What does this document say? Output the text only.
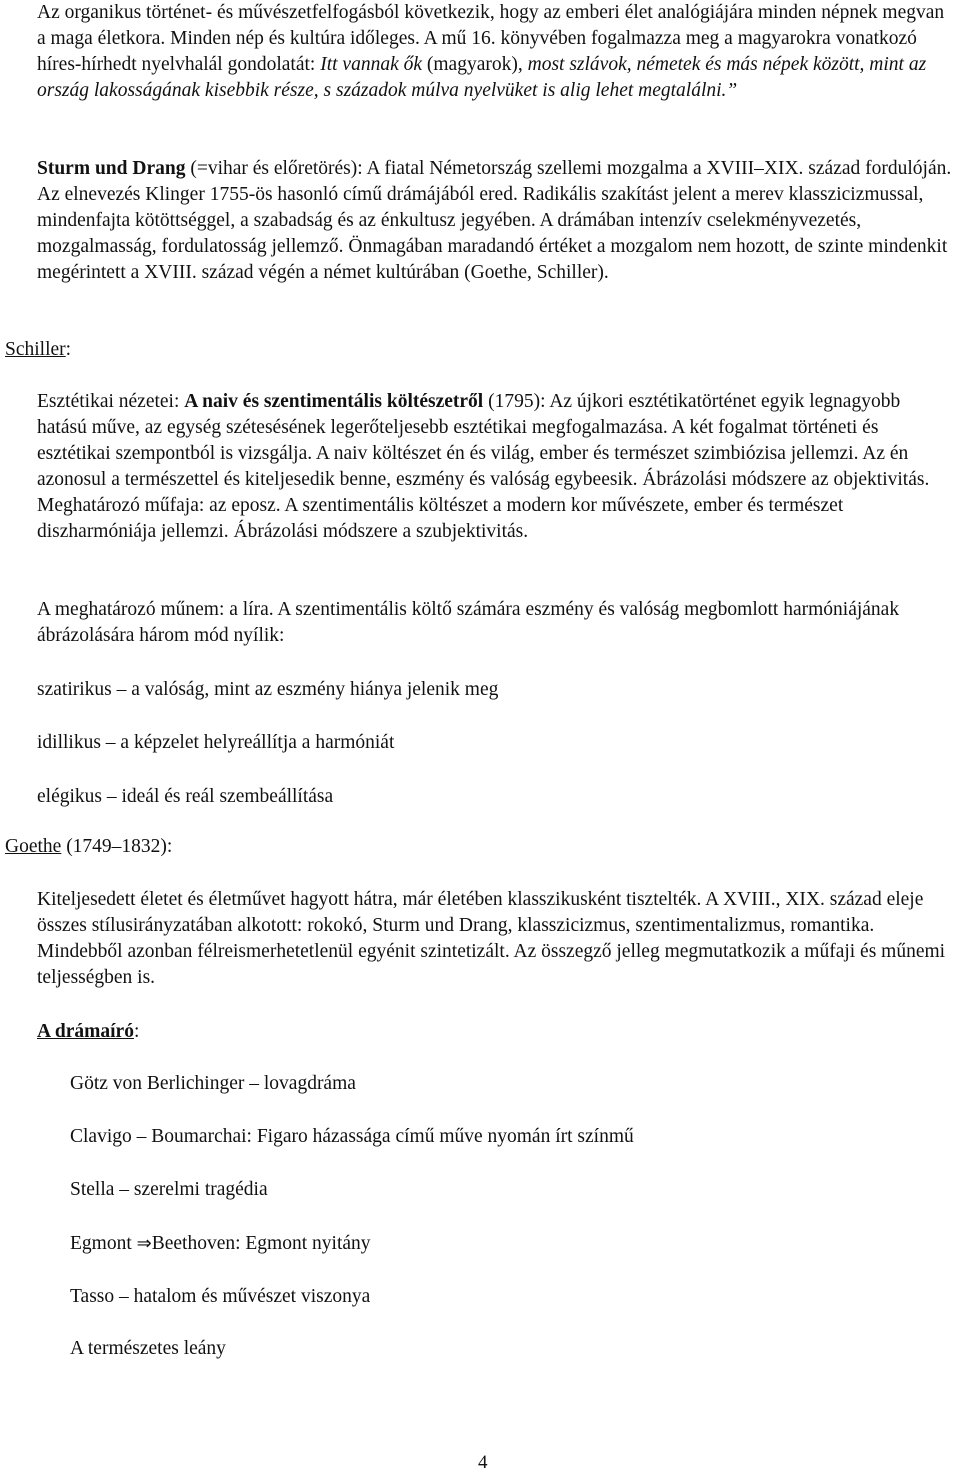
Az organikus történet- és művészetfelfogásból következik, hogy az emberi élet analógiájára minden népnek megvan a maga életkora. Minden nép és kultúra időleges. A mű 16. könyvében fogalmazza meg a magyarokra vonatkozó híres-hírhedt nyelvhalál gondolatát: Itt vannak ők (magyarok), most szlávok, németek és más népek között, mint az ország lakosságának kisebbik része, s századok múlva nyelvüket is alig lehet megtalálni.”

Sturm und Drang (=vihar és előretörés): A fiatal Németország szellemi mozgalma a XVIII–XIX. század fordulóján. Az elnevezés Klinger 1755-ös hasonló című drámájából ered. Radikális szakítást jelent a merev klasszicizmussal, mindenfajta kötöttséggel, a szabadság és az énkultusz jegyében. A drámában intenzív cselekményvezetés, mozgalmasság, fordulatosság jellemző. Önmagában maradandó értéket a mozgalom nem hozott, de szinte mindenkit megérintett a XVIII. század végén a német kultúrában (Goethe, Schiller).

Schiller:

Esztétikai nézetei: A naiv és szentimentális költészetről (1795): Az újkori esztétikatörténet egyik legnagyobb hatású műve, az egység szétesésének legerőteljesebb esztétikai megfogalmazása. A két fogalmat történeti és esztétikai szempontból is vizsgálja. A naiv költészet én és világ, ember és természet szimbiózisa jellemzi. Az én azonosul a természettel és kiteljesedik benne, eszmény és valóság egybeesik. Ábrázolási módszere az objektivitás. Meghatározó műfaja: az eposz. A szentimentális költészet a modern kor művészete, ember és természet diszharmóniája jellemzi. Ábrázolási módszere a szubjektivitás.

A meghatározó műnem: a líra. A szentimentális költő számára eszmény és valóság megbomlott harmóniájának ábrázolására három mód nyílik:

szatirikus – a valóság, mint az eszmény hiánya jelenik meg

idillikus – a képzelet helyreállítja a harmóniát

elégikus – ideál és reál szembeállítása

Goethe (1749–1832):

Kiteljesedett életet és életművet hagyott hátra, már életében klasszikusként tisztelték. A XVIII., XIX. század eleje összes stílusirányzatában alkotott: rokokó, Sturm und Drang, klasszicizmus, szentimentalizmus, romantika. Mindebből azonban félreismerhetetlenül egyénit szintetizált. Az összegző jelleg megmutatkozik a műfaji és műnemi teljességben is.

A drámaíró:

Götz von Berlichinger – lovagdráma

Clavigo – Boumarchai: Figaro házassága című műve nyomán írt színmű

Stella – szerelmi tragédia

Egmont ⇒Beethoven: Egmont nyitány

Tasso – hatalom és művészet viszonya

A természetes leány

4
